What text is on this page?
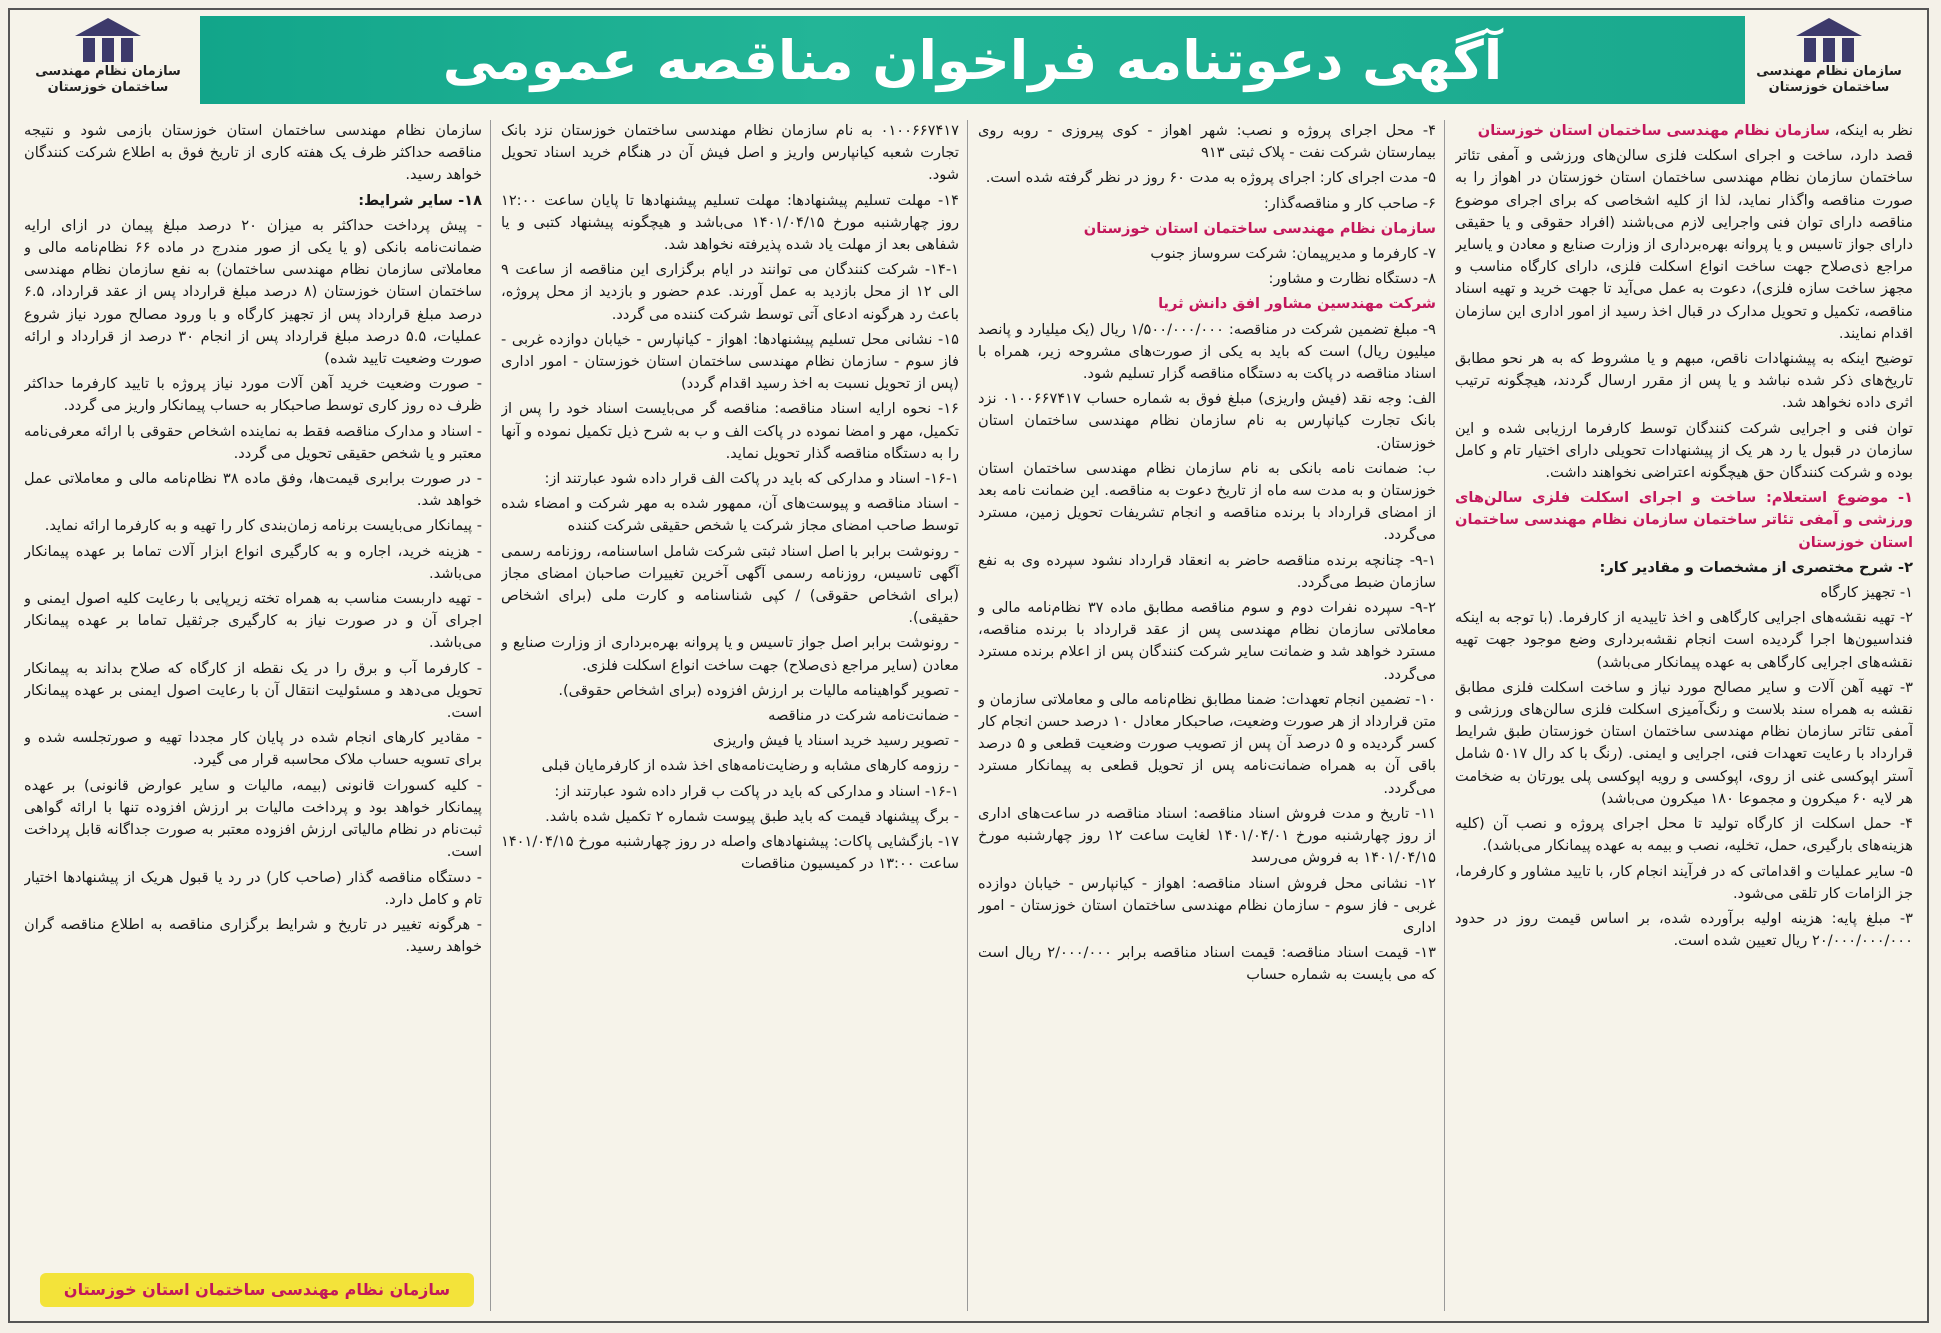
سازمان نظام مهندسی
ساختمان خوزستان
آگهی دعوتنامه فراخوان مناقصه عمومی
سازمان نظام مهندسی
ساختمان خوزستان

نظر به اینکه، سازمان نظام مهندسی ساختمان استان خوزستان

قصد دارد، ساخت و اجرای اسکلت فلزی سالن‌های ورزشی و آمفی تئاتر ساختمان سازمان نظام مهندسی ساختمان استان خوزستان در اهواز را به صورت مناقصه واگذار نماید، لذا از کلیه اشخاصی که برای اجرای موضوع مناقصه دارای توان فنی واجرایی لازم می‌باشند (افراد حقوقی و یا حقیقی دارای جواز تاسیس و یا پروانه بهره‌برداری از وزارت صنایع و معادن و یاسایر مراجع ذی‌صلاح جهت ساخت انواع اسکلت فلزی، دارای کارگاه مناسب و مجهز ساخت سازه فلزی)، دعوت به عمل می‌آید تا جهت خرید و تهیه اسناد مناقصه، تکمیل و تحویل مدارک در قبال اخذ رسید از امور اداری این سازمان اقدام نمایند.

توضیح اینکه به پیشنهادات ناقص، مبهم و یا مشروط که به هر نحو مطابق تاریخ‌های ذکر شده نباشد و یا پس از مقرر ارسال گردند، هیچگونه ترتیب اثری داده نخواهد شد.

توان فنی و اجرایی شرکت کنندگان توسط کارفرما ارزیابی شده و این سازمان در قبول یا رد هر یک از پیشنهادات تحویلی دارای اختیار تام و کامل بوده و شرکت کنندگان حق هیچگونه اعتراضی نخواهند داشت.

۱- موضوع استعلام: ساخت و اجرای اسکلت فلزی سالن‌های ورزشی و آمفی تئاتر ساختمان سازمان نظام مهندسی ساختمان استان خوزستان

۲- شرح مختصری از مشخصات و مقادیر کار:

۱- تجهیز کارگاه

۲- تهیه نقشه‌های اجرایی کارگاهی و اخذ تاییدیه از کارفرما. (با توجه به اینکه فنداسیون‌ها اجرا گردیده است انجام نقشه‌برداری وضع موجود جهت تهیه نقشه‌های اجرایی کارگاهی به عهده پیمانکار می‌باشد)

۳- تهیه آهن آلات و سایر مصالح مورد نیاز و ساخت اسکلت فلزی مطابق نقشه به همراه سند بلاست و رنگ‌آمیزی اسکلت فلزی سالن‌های ورزشی و آمفی تئاتر سازمان نظام مهندسی ساختمان استان خوزستان طبق شرایط قرارداد با رعایت تعهدات فنی، اجرایی و ایمنی. (رنگ با کد رال ۵۰۱۷ شامل آستر اپوکسی غنی از روی، اپوکسی و رویه اپوکسی پلی یورتان به ضخامت هر لایه ۶۰ میکرون و مجموعا ۱۸۰ میکرون می‌باشد)

۴- حمل اسکلت از کارگاه تولید تا محل اجرای پروژه و نصب آن (کلیه هزینه‌های بارگیری، حمل، تخلیه، نصب و بیمه به عهده پیمانکار می‌باشد).

۵- سایر عملیات و اقداماتی که در فرآیند انجام کار، با تایید مشاور و کارفرما، جز الزامات کار تلقی می‌شود.

۳- مبلغ پایه: هزینه اولیه برآورده شده، بر اساس قیمت روز در حدود ۲۰/۰۰۰/۰۰۰/۰۰۰ ریال تعیین شده است.

۴- محل اجرای پروژه و نصب: شهر اهواز - کوی پیروزی - روبه روی بیمارستان شرکت نفت - پلاک ثبتی ۹۱۳

۵- مدت اجرای کار: اجرای پروژه به مدت ۶۰ روز در نظر گرفته شده است.

۶- صاحب کار و مناقصه‌گذار:

سازمان نظام مهندسی ساختمان استان خوزستان

۷- کارفرما و مدیرپیمان: شرکت سروساز جنوب

۸- دستگاه نظارت و مشاور:

شرکت مهندسین مشاور افق دانش ثریا

۹- مبلغ تضمین شرکت در مناقصه: ۱/۵۰۰/۰۰۰/۰۰۰ ریال (یک میلیارد و پانصد میلیون ریال) است که باید به یکی از صورت‌های مشروحه زیر، همراه با اسناد مناقصه در پاکت به دستگاه مناقصه گزار تسلیم شود.

الف: وجه نقد (فیش واریزی) مبلغ فوق به شماره حساب ۰۱۰۰۶۶۷۴۱۷ نزد بانک تجارت کیانپارس به نام سازمان نظام مهندسی ساختمان استان خوزستان.

ب: ضمانت نامه بانکی به نام سازمان نظام مهندسی ساختمان استان خوزستان و به مدت سه ماه از تاریخ دعوت به مناقصه. این ضمانت نامه بعد از امضای قرارداد با برنده مناقصه و انجام تشریفات تحویل زمین، مسترد می‌گردد.

۹-۱- چنانچه برنده مناقصه حاضر به انعقاد قرارداد نشود سپرده وی به نفع سازمان ضبط می‌گردد.

۹-۲- سپرده نفرات دوم و سوم مناقصه مطابق ماده ۳۷ نظام‌نامه مالی و معاملاتی سازمان نظام مهندسی پس از عقد قرارداد با برنده مناقصه، مسترد خواهد شد و ضمانت سایر شرکت کنندگان پس از اعلام برنده مسترد می‌گردد.

۱۰- تضمین انجام تعهدات: ضمنا مطابق نظام‌نامه مالی و معاملاتی سازمان و متن قرارداد از هر صورت وضعیت، صاحبکار معادل ۱۰ درصد حسن انجام کار کسر گردیده و ۵ درصد آن پس از تصویب صورت وضعیت قطعی و ۵ درصد باقی آن به همراه ضمانت‌نامه پس از تحویل قطعی به پیمانکار مسترد می‌گردد.

۱۱- تاریخ و مدت فروش اسناد مناقصه: اسناد مناقصه در ساعت‌های اداری از روز چهارشنبه مورخ ۱۴۰۱/۰۴/۰۱ لغایت ساعت ۱۲ روز چهارشنبه مورخ ۱۴۰۱/۰۴/۱۵ به فروش می‌رسد

۱۲- نشانی محل فروش اسناد مناقصه: اهواز - کیانپارس - خیابان دوازده غربی - فاز سوم - سازمان نظام مهندسی ساختمان استان خوزستان - امور اداری

۱۳- قیمت اسناد مناقصه: قیمت اسناد مناقصه برابر ۲/۰۰۰/۰۰۰ ریال است که می بایست به شماره حساب

۰۱۰۰۶۶۷۴۱۷ به نام سازمان نظام مهندسی ساختمان خوزستان نزد بانک تجارت شعبه کیانپارس واریز و اصل فیش آن در هنگام خرید اسناد تحویل شود.

۱۴- مهلت تسلیم پیشنهادها: مهلت تسلیم پیشنهادها تا پایان ساعت ۱۲:۰۰ روز چهارشنبه مورخ ۱۴۰۱/۰۴/۱۵ می‌باشد و هیچگونه پیشنهاد کتبی و یا شفاهی بعد از مهلت یاد شده پذیرفته نخواهد شد.

۱۴-۱- شرکت کنندگان می توانند در ایام برگزاری این مناقصه از ساعت ۹ الی ۱۲ از محل بازدید به عمل آورند. عدم حضور و بازدید از محل پروژه، باعث رد هرگونه ادعای آتی توسط شرکت کننده می گردد.

۱۵- نشانی محل تسلیم پیشنهادها: اهواز - کیانپارس - خیابان دوازده غربی - فاز سوم - سازمان نظام مهندسی ساختمان استان خوزستان - امور اداری (پس از تحویل نسبت به اخذ رسید اقدام گردد)

۱۶- نحوه ارایه اسناد مناقصه: مناقصه گر می‌بایست اسناد خود را پس از تکمیل، مهر و امضا نموده در پاکت الف و ب به شرح ذیل تکمیل نموده و آنها را به دستگاه مناقصه گذار تحویل نماید.

۱۶-۱- اسناد و مدارکی که باید در پاکت الف قرار داده شود عبارتند از:

- اسناد مناقصه و پیوست‌های آن، ممهور شده به مهر شرکت و امضاء شده توسط صاحب امضای مجاز شرکت یا شخص حقیقی شرکت کننده

- رونوشت برابر با اصل اسناد ثبتی شرکت شامل اساسنامه، روزنامه رسمی آگهی تاسیس، روزنامه رسمی آگهی آخرین تغییرات صاحبان امضای مجاز (برای اشخاص حقوقی) / کپی شناسنامه و کارت ملی (برای اشخاص حقیقی).

- رونوشت برابر اصل جواز تاسیس و یا پروانه بهره‌برداری از وزارت صنایع و معادن (سایر مراجع ذی‌صلاح) جهت ساخت انواع اسکلت فلزی.

- تصویر گواهینامه مالیات بر ارزش افزوده (برای اشخاص حقوقی).

- ضمانت‌نامه شرکت در مناقصه

- تصویر رسید خرید اسناد یا فیش واریزی

- رزومه کارهای مشابه و رضایت‌نامه‌های اخذ شده از کارفرمایان قبلی

۱۶-۱- اسناد و مدارکی که باید در پاکت ب قرار داده شود عبارتند از:

- برگ پیشنهاد قیمت که باید طبق پیوست شماره ۲ تکمیل شده باشد.

۱۷- بازگشایی پاکات: پیشنهادهای واصله در روز چهارشنبه مورخ ۱۴۰۱/۰۴/۱۵ ساعت ۱۳:۰۰ در کمیسیون مناقصات

سازمان نظام مهندسی ساختمان استان خوزستان بازمی شود و نتیجه مناقصه حداکثر ظرف یک هفته کاری از تاریخ فوق به اطلاع شرکت کنندگان خواهد رسید.

۱۸- سایر شرایط:

- پیش پرداخت حداکثر به میزان ۲۰ درصد مبلغ پیمان در ازای ارایه ضمانت‌نامه بانکی (و یا یکی از صور مندرج در ماده ۶۶ نظام‌نامه مالی و معاملاتی سازمان نظام مهندسی ساختمان) به نفع سازمان نظام مهندسی ساختمان استان خوزستان (۸ درصد مبلغ قرارداد پس از عقد قرارداد، ۶.۵ درصد مبلغ قرارداد پس از تجهیز کارگاه و با ورود مصالح مورد نیاز شروع عملیات، ۵.۵ درصد مبلغ قرارداد پس از انجام ۳۰ درصد از قرارداد و ارائه صورت وضعیت تایید شده)

- صورت وضعیت خرید آهن آلات مورد نیاز پروژه با تایید کارفرما حداکثر ظرف ده روز کاری توسط صاحبکار به حساب پیمانکار واریز می گردد.

- اسناد و مدارک مناقصه فقط به نماینده اشخاص حقوقی با ارائه معرفی‌نامه معتبر و یا شخص حقیقی تحویل می گردد.

- در صورت برابری قیمت‌ها، وفق ماده ۳۸ نظام‌نامه مالی و معاملاتی عمل خواهد شد.

- پیمانکار می‌بایست برنامه زمان‌بندی کار را تهیه و به کارفرما ارائه نماید.

- هزینه خرید، اجاره و به کارگیری انواع ابزار آلات تماما بر عهده پیمانکار می‌باشد.

- تهیه داربست مناسب به همراه تخته زیرپایی با رعایت کلیه اصول ایمنی و اجرای آن و در صورت نیاز به کارگیری جرثقیل تماما بر عهده پیمانکار می‌باشد.

- کارفرما آب و برق را در یک نقطه از کارگاه که صلاح بداند به پیمانکار تحویل می‌دهد و مسئولیت انتقال آن با رعایت اصول ایمنی بر عهده پیمانکار است.

- مقادیر کارهای انجام شده در پایان کار مجددا تهیه و صورتجلسه شده و برای تسویه حساب ملاک محاسبه قرار می گیرد.

- کلیه کسورات قانونی (بیمه، مالیات و سایر عوارض قانونی) بر عهده پیمانکار خواهد بود و پرداخت مالیات بر ارزش افزوده تنها با ارائه گواهی ثبت‌نام در نظام مالیاتی ارزش افزوده معتبر به صورت جداگانه قابل پرداخت است.

- دستگاه مناقصه گذار (صاحب کار) در رد یا قبول هریک از پیشنهادها اختیار تام و کامل دارد.

- هرگونه تغییر در تاریخ و شرایط برگزاری مناقصه به اطلاع مناقصه گران خواهد رسید.

سازمان نظام مهندسی ساختمان استان خوزستان
